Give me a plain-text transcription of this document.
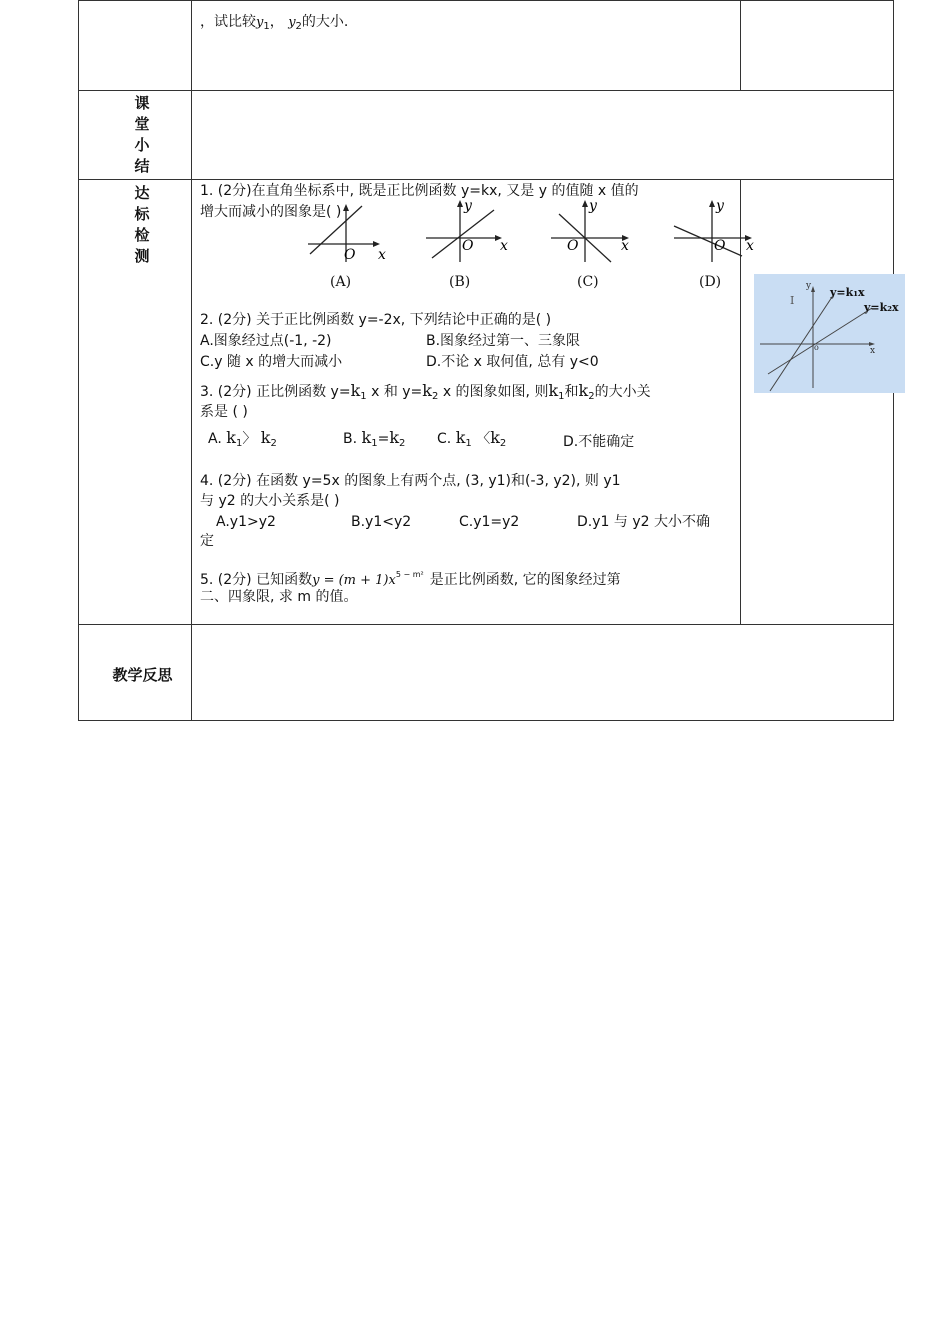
，试比较$y_1$， $y_2$的大小.
课
堂
小
结
达
标
检
测
教学反思
1. (2分)在直角坐标系中, 既是正比例函数 y=kx, 又是 y 的值随 x 值的
增大而减小的图象是( )
x
O
(A)
x
O
y
(B)
x
O
y
(C)
x
O
y
(D)
2. (2分) 关于正比例函数 y=-2x, 下列结论中正确的是( )
A.图象经过点(-1, -2)	B.图象经过第一、三象限
C.y 随 x 的增大而减小	D.不论 x 取何值, 总有 y<0
3. (2分) 正比例函数 $y=k_1$ x 和 $y=k_2$ x 的图象如图, 则$k_1$和$k_2$的大小关
系是 ( )
A. $k_1$〉 $k_2$	B. $k_1=k_2$ C. $k_1$ 〈$k_2$	D.不能确定
4. (2分) 在函数 y=5x 的图象上有两个点, (3, y1)和(-3, y2), 则 y1
与 y2 的大小关系是( )
A.y1>y2	B.y1<y2	C.y1=y2	D.y1 与 y2 大小不确
定
5. (2分) 已知函数$y = (m + 1)x^{5 - m^2}$ 是正比例函数, 它的图象经过第
二、四象限, 求 m 的值。
y
x
o
I
y=k₁x
y=k₂x
